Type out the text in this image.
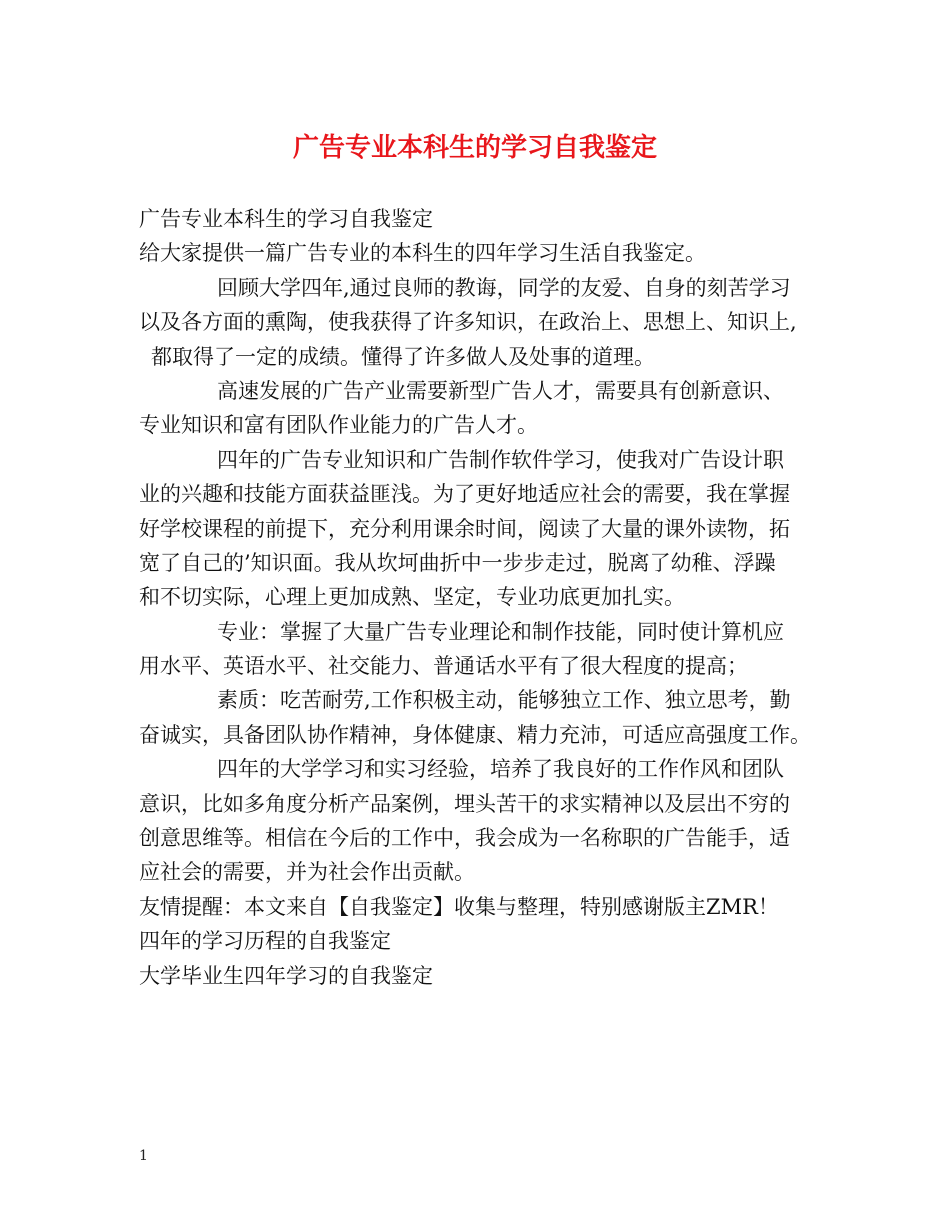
广告专业本科生的学习自我鉴定
广告专业本科生的学习自我鉴定
给大家提供一篇广告专业的本科生的四年学习生活自我鉴定。
回顾大学四年,通过良师的教诲，同学的友爱、自身的刻苦学习
以及各方面的熏陶，使我获得了许多知识，在政治上、思想上、知识上,
都取得了一定的成绩。懂得了许多做人及处事的道理。
高速发展的广告产业需要新型广告人才，需要具有创新意识、
专业知识和富有团队作业能力的广告人才。
四年的广告专业知识和广告制作软件学习，使我对广告设计职
业的兴趣和技能方面获益匪浅。为了更好地适应社会的需要，我在掌握
好学校课程的前提下，充分利用课余时间，阅读了大量的课外读物，拓
宽了自己的’知识面。我从坎坷曲折中一步步走过，脱离了幼稚、浮躁
和不切实际，心理上更加成熟、坚定，专业功底更加扎实。
专业：掌握了大量广告专业理论和制作技能，同时使计算机应
用水平、英语水平、社交能力、普通话水平有了很大程度的提高；
素质：吃苦耐劳,工作积极主动，能够独立工作、独立思考，勤
奋诚实，具备团队协作精神，身体健康、精力充沛，可适应高强度工作。
四年的大学学习和实习经验，培养了我良好的工作作风和团队
意识，比如多角度分析产品案例，埋头苦干的求实精神以及层出不穷的
创意思维等。相信在今后的工作中，我会成为一名称职的广告能手，适
应社会的需要，并为社会作出贡献。
友情提醒：本文来自【自我鉴定】收集与整理，特别感谢版主ZMR！
四年的学习历程的自我鉴定
大学毕业生四年学习的自我鉴定
1
